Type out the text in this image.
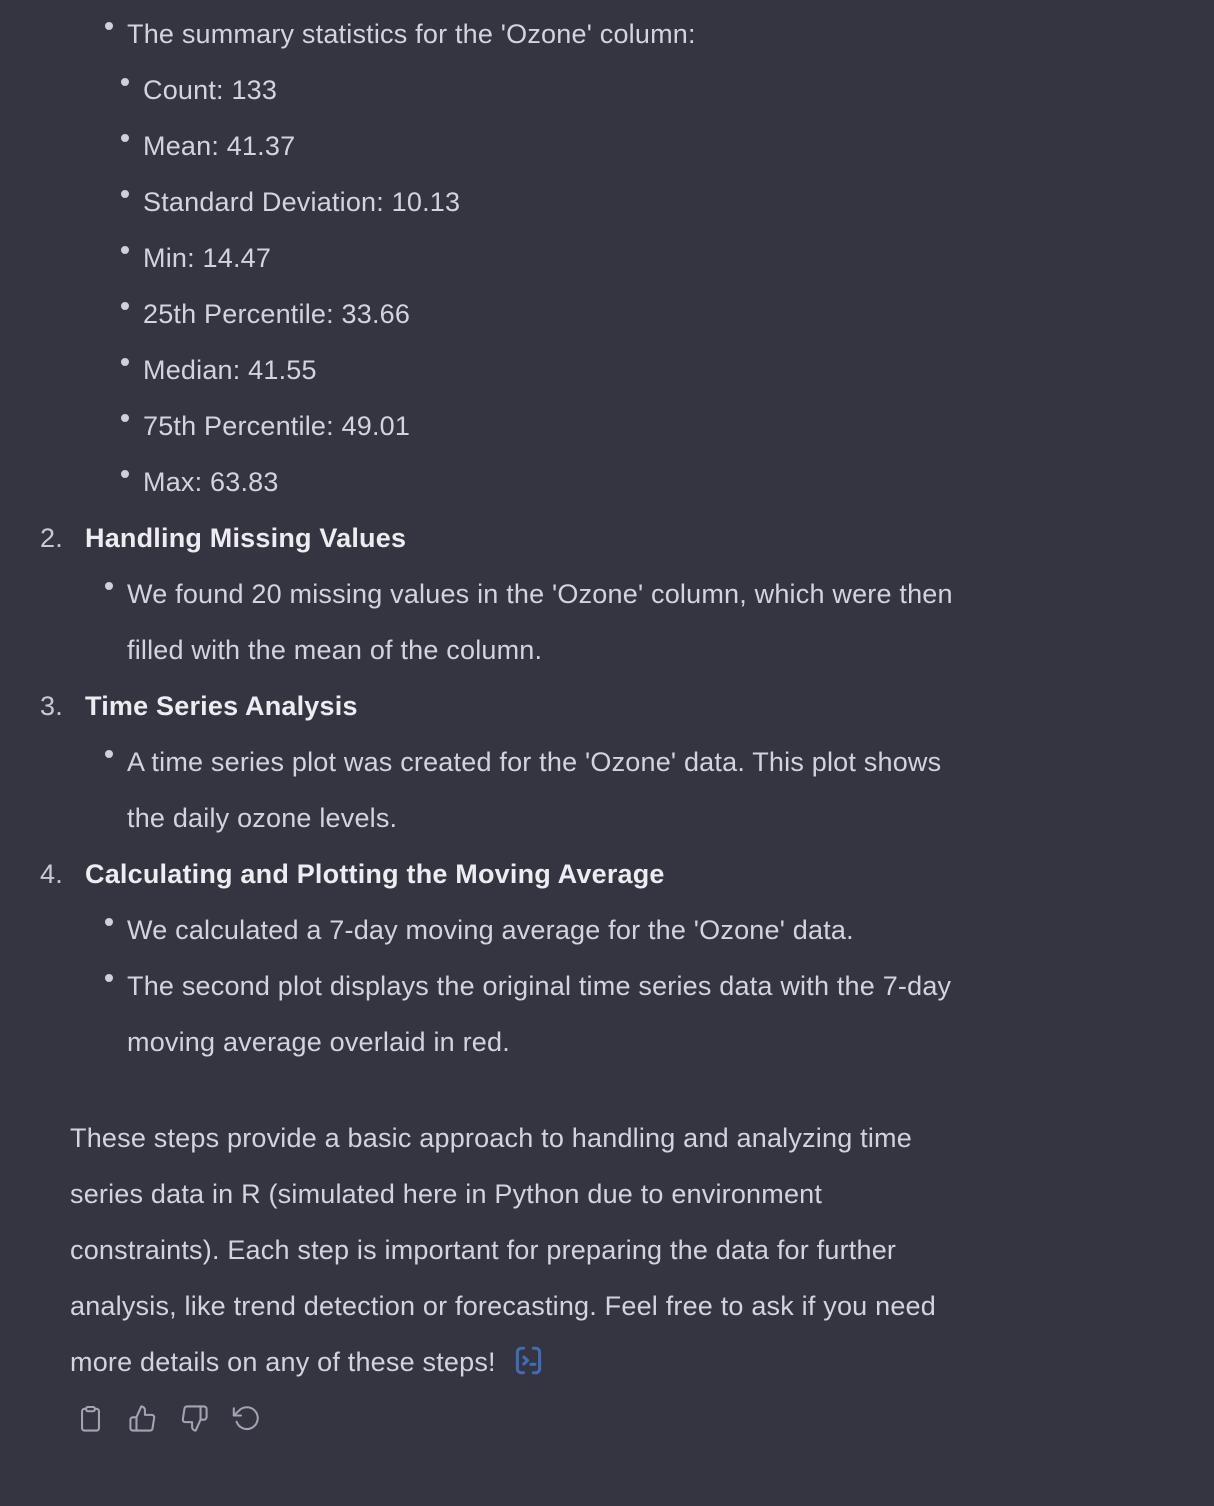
The summary statistics for the 'Ozone' column:
Count: 133
Mean: 41.37
Standard Deviation: 10.13
Min: 14.47
25th Percentile: 33.66
Median: 41.55
75th Percentile: 49.01
Max: 63.83
2. Handling Missing Values
We found 20 missing values in the 'Ozone' column, which were then
filled with the mean of the column.
3. Time Series Analysis
A time series plot was created for the 'Ozone' data. This plot shows
the daily ozone levels.
4. Calculating and Plotting the Moving Average
We calculated a 7-day moving average for the 'Ozone' data.
The second plot displays the original time series data with the 7-day
moving average overlaid in red.

These steps provide a basic approach to handling and analyzing time
series data in R (simulated here in Python due to environment
constraints). Each step is important for preparing the data for further
analysis, like trend detection or forecasting. Feel free to ask if you need
more details on any of these steps!
